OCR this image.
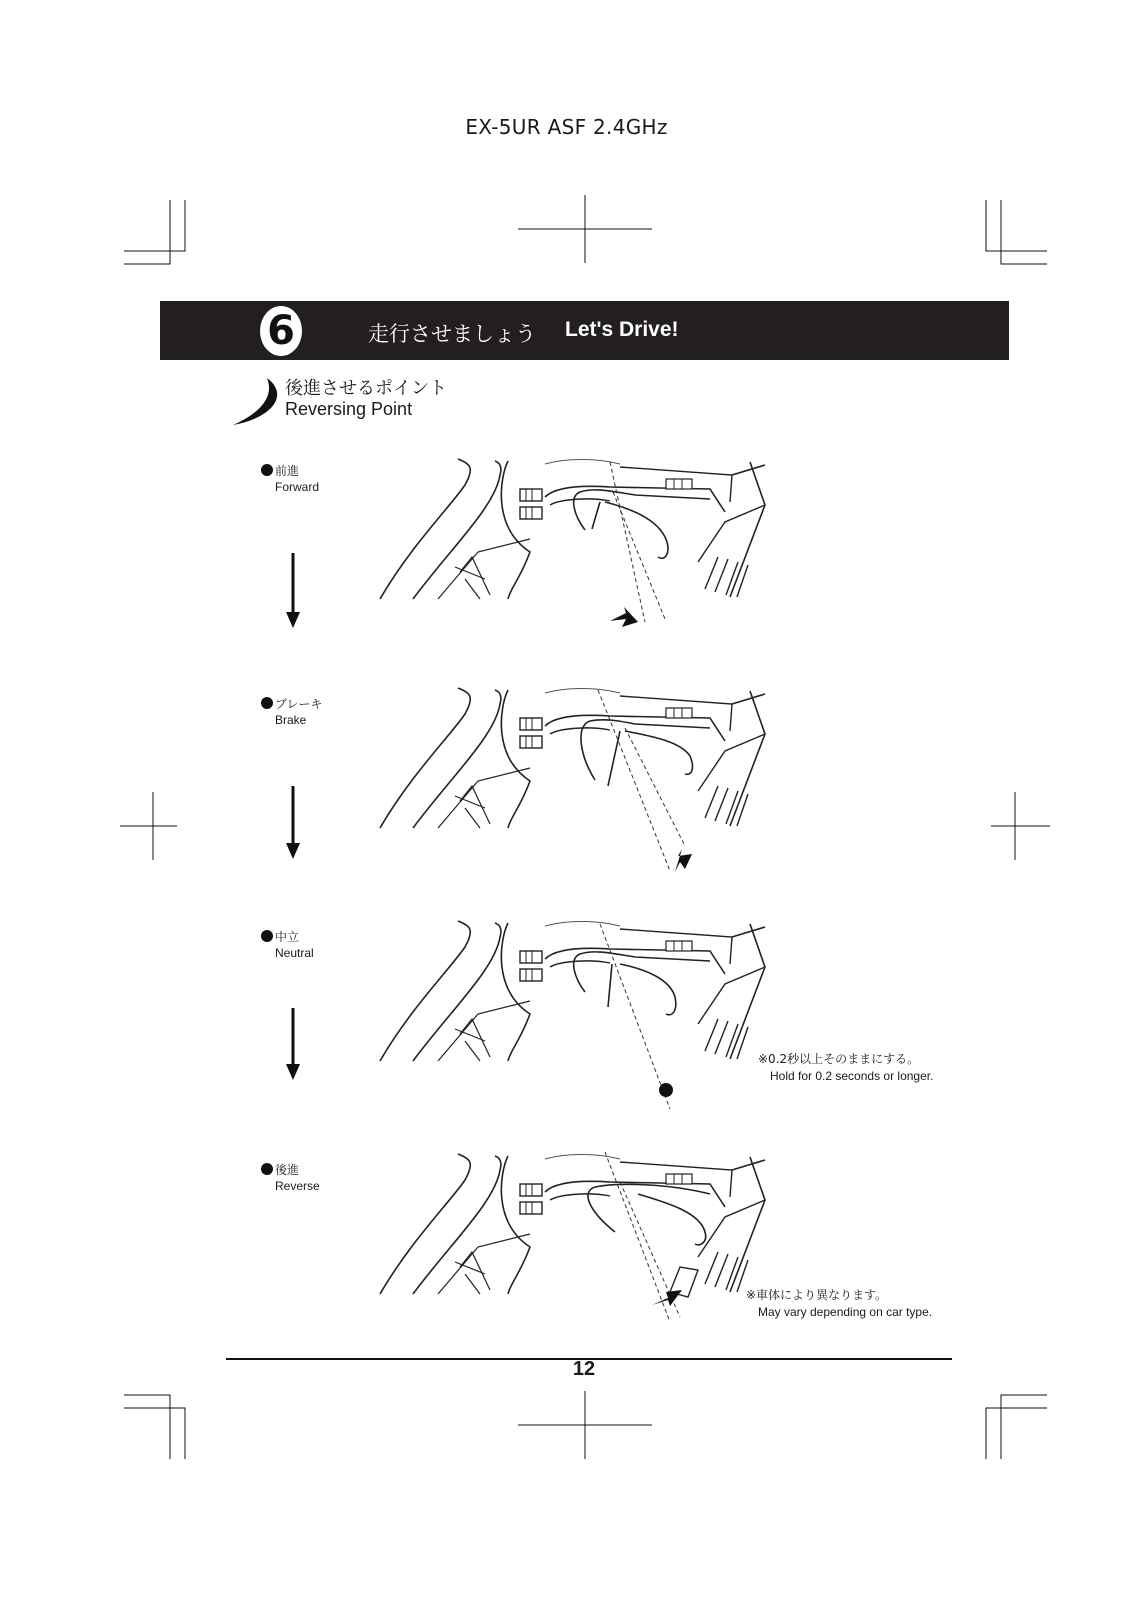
EX-5UR ASF 2.4GHz
6	走行させましょう Let's Drive!
後進させるポイント
Reversing Point
前進
Forward
ブレーキ
Brake
中立
Neutral
後進
Reverse
※0.2秒以上そのままにする。
Hold for 0.2 seconds or longer.
※車体により異なります。
May vary depending on car type.
12
